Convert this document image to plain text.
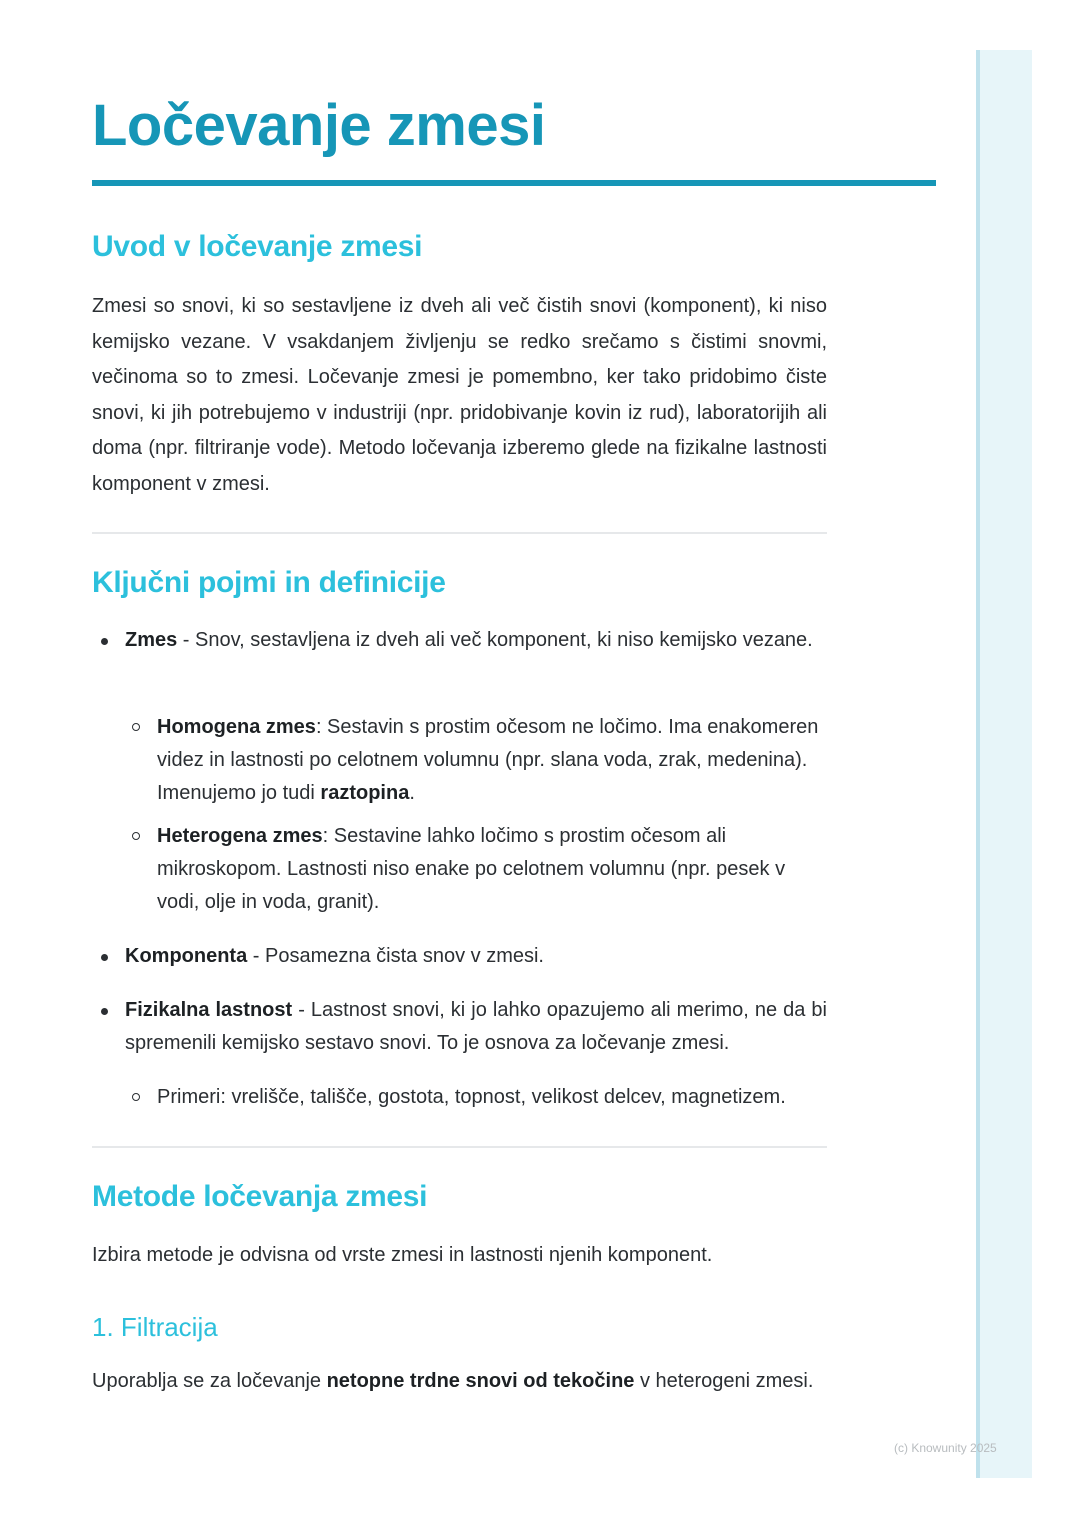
Ločevanje zmesi
Uvod v ločevanje zmesi

Zmesi so snovi, ki so sestavljene iz dveh ali več čistih snovi (komponent), ki niso kemijsko vezane. V vsakdanjem življenju se redko srečamo s čistimi snovmi, večinoma so to zmesi. Ločevanje zmesi je pomembno, ker tako pridobimo čiste snovi, ki jih potrebujemo v industriji (npr. pridobivanje kovin iz rud), laboratorijih ali doma (npr. filtriranje vode). Metodo ločevanja izberemo glede na fizikalne lastnosti komponent v zmesi.

Ključni pojmi in definicije
Zmes - Snov, sestavljena iz dveh ali več komponent, ki niso kemijsko vezane.
Homogena zmes: Sestavin s prostim očesom ne ločimo. Ima enakomeren videz in lastnosti po celotnem volumnu (npr. slana voda, zrak, medenina). Imenujemo jo tudi raztopina.
Heterogena zmes: Sestavine lahko ločimo s prostim očesom ali mikroskopom. Lastnosti niso enake po celotnem volumnu (npr. pesek v vodi, olje in voda, granit).
Komponenta - Posamezna čista snov v zmesi.
Fizikalna lastnost - Lastnost snovi, ki jo lahko opazujemo ali merimo, ne da bi spremenili kemijsko sestavo snovi. To je osnova za ločevanje zmesi.
Primeri: vrelišče, tališče, gostota, topnost, velikost delcev, magnetizem.
Metode ločevanja zmesi

Izbira metode je odvisna od vrste zmesi in lastnosti njenih komponent.

1. Filtracija

Uporablja se za ločevanje netopne trdne snovi od tekočine v heterogeni zmesi.

(c) Knowunity 2025
